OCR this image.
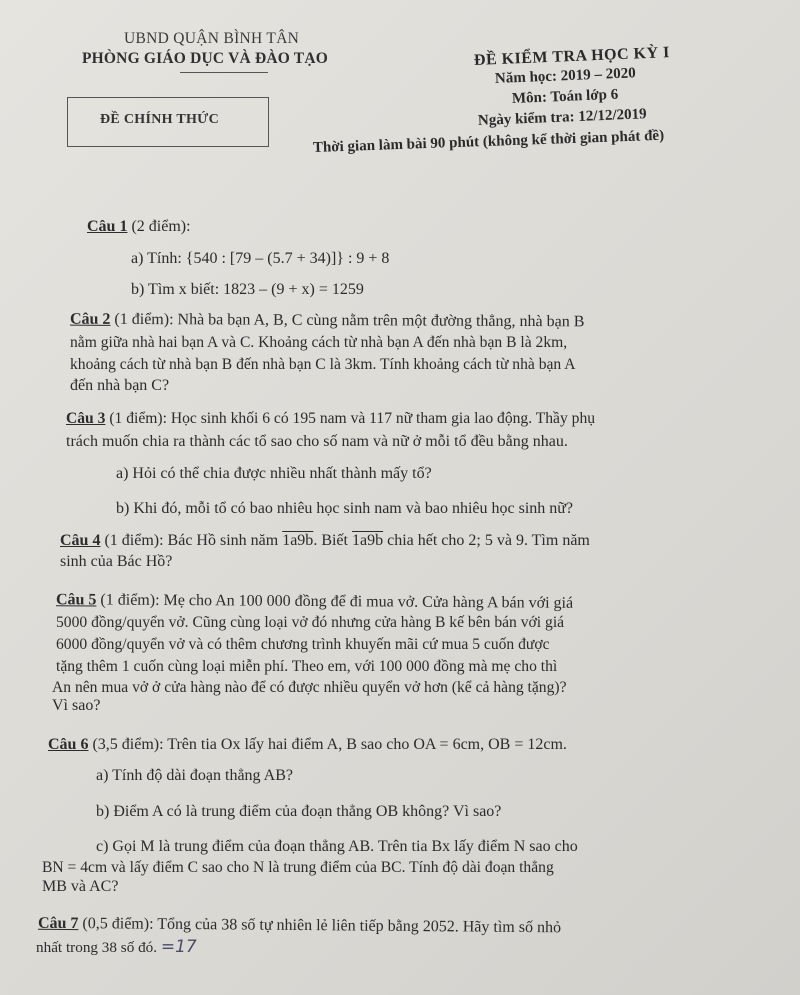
UBND QUẬN BÌNH TÂN
PHÒNG GIÁO DỤC VÀ ĐÀO TẠO
ĐỀ CHÍNH THỨC
ĐỀ KIỂM TRA HỌC KỲ I
Năm học: 2019 – 2020
Môn: Toán lớp 6
Ngày kiểm tra: 12/12/2019
Thời gian làm bài 90 phút (không kể thời gian phát đề)
Câu 1 (2 điểm):
a) Tính: {540 : [79 – (5.7 + 34)]} : 9 + 8
b) Tìm x biết: 1823 – (9 + x) = 1259
Câu 2 (1 điểm): Nhà ba bạn A, B, C cùng nằm trên một đường thẳng, nhà bạn B
nằm giữa nhà hai bạn A và C. Khoảng cách từ nhà bạn A đến nhà bạn B là 2km,
khoảng cách từ nhà bạn B đến nhà bạn C là 3km. Tính khoảng cách từ nhà bạn A
đến nhà bạn C?
Câu 3 (1 điểm): Học sinh khối 6 có 195 nam và 117 nữ tham gia lao động. Thầy phụ
trách muốn chia ra thành các tổ sao cho số nam và nữ ở mỗi tổ đều bằng nhau.
a) Hỏi có thể chia được nhiều nhất thành mấy tổ?
b) Khi đó, mỗi tổ có bao nhiêu học sinh nam và bao nhiêu học sinh nữ?
Câu 4 (1 điểm): Bác Hồ sinh năm 1a9b. Biết 1a9b chia hết cho 2; 5 và 9. Tìm năm
sinh của Bác Hồ?
Câu 5 (1 điểm): Mẹ cho An 100 000 đồng để đi mua vở. Cửa hàng A bán với giá
5000 đồng/quyển vở. Cũng cùng loại vở đó nhưng cửa hàng B kế bên bán với giá
6000 đồng/quyển vở và có thêm chương trình khuyến mãi cứ mua 5 cuốn được
tặng thêm 1 cuốn cùng loại miễn phí. Theo em, với 100 000 đồng mà mẹ cho thì
An nên mua vở ở cửa hàng nào để có được nhiều quyển vở hơn (kể cả hàng tặng)?
Vì sao?
Câu 6 (3,5 điểm): Trên tia Ox lấy hai điểm A, B sao cho OA = 6cm, OB = 12cm.
a) Tính độ dài đoạn thẳng AB?
b) Điểm A có là trung điểm của đoạn thẳng OB không? Vì sao?
c) Gọi M là trung điểm của đoạn thẳng AB. Trên tia Bx lấy điểm N sao cho
BN = 4cm và lấy điểm C sao cho N là trung điểm của BC. Tính độ dài đoạn thẳng
MB và AC?
Câu 7 (0,5 điểm): Tổng của 38 số tự nhiên lẻ liên tiếp bằng 2052. Hãy tìm số nhỏ
nhất trong 38 số đó. =17
